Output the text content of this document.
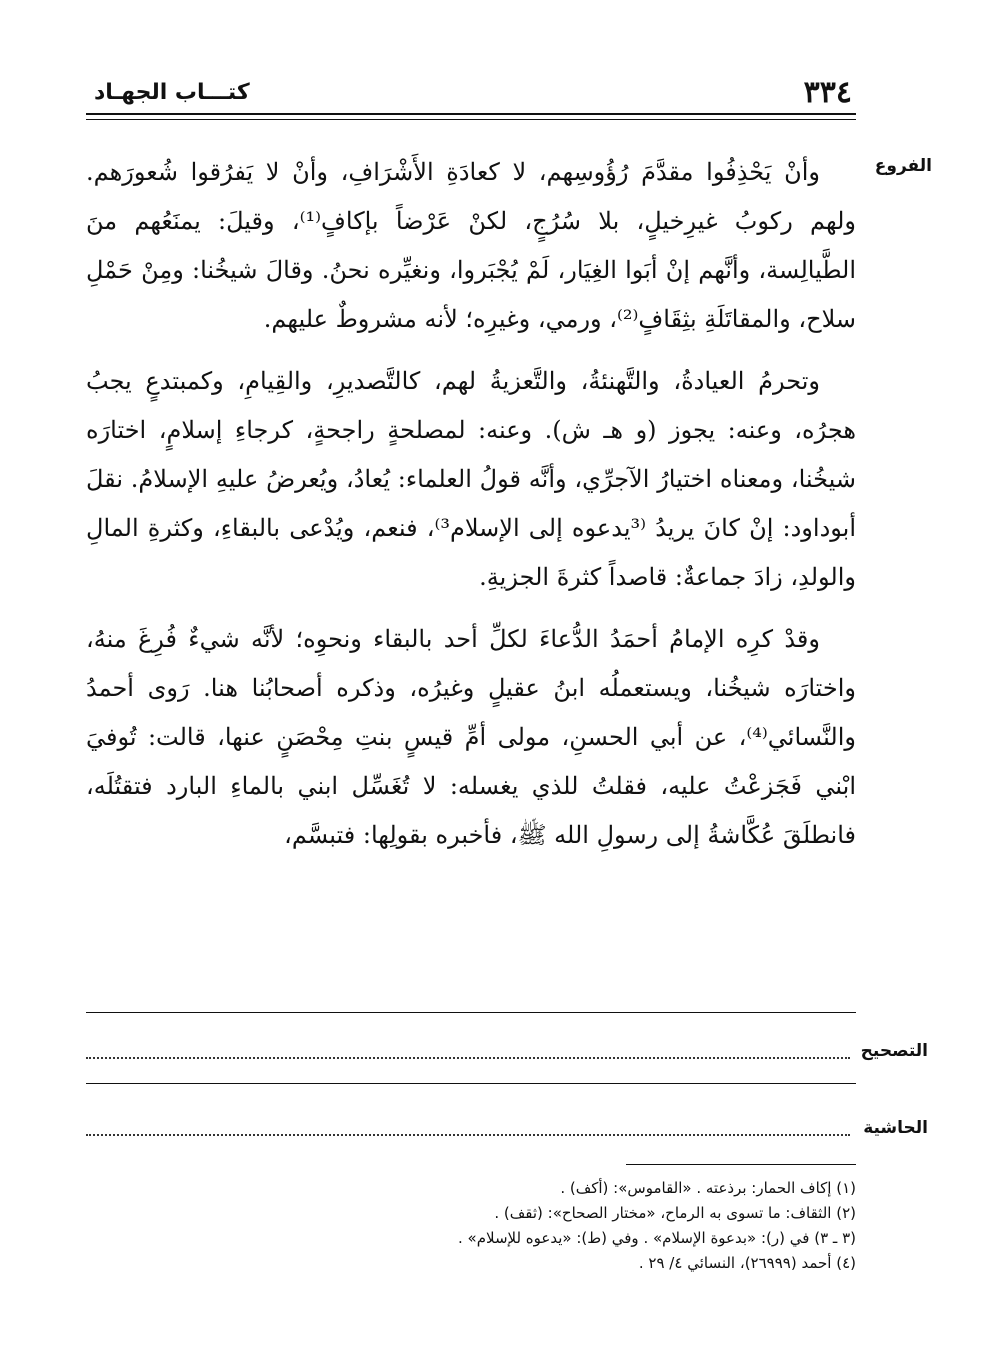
٣٣٤
كتـــاب الجهـاد
الفروع

وأنْ يَحْذِفُوا مقدَّمَ رُؤُوسِهم، لا كعادَةِ الأَشْرَافِ، وأنْ لا يَفرُقوا شُعورَهم. ولهم ركوبُ غيرِخيلٍ، بلا سُرُجٍ، لكنْ عَرْضاً بإكافٍ⁽¹⁾، وقيلَ: يمنَعُهم منَ الطَّيالِسة، وأنَّهم إنْ أبَوا الغِيَار، لَمْ يُجْبَروا، ونغيِّره نحنُ. وقالَ شيخُنا: ومِنْ حَمْلِ سلاح، والمقاتَلَةِ بثِقَافٍ⁽²⁾، ورمي، وغيرِه؛ لأنه مشروطٌ عليهم.

وتحرمُ العيادةُ، والتَّهنئةُ، والتَّعزيةُ لهم، كالتَّصديرِ، والقِيامِ، وكمبتدعٍ يجبُ هجرُه، وعنه: يجوز (و هـ ش). وعنه: لمصلحةٍ راجحةٍ، كرجاءِ إسلامٍ، اختارَه شيخُنا، ومعناه اختيارُ الآجرِّي، وأنَّه قولُ العلماء: يُعادُ، ويُعرضُ عليهِ الإسلامُ. نقلَ أبوداود: إنْ كانَ يريدُ ⁽³يدعوه إلى الإسلام³⁾، فنعم، ويُدْعى بالبقاءِ، وكثرةِ المالِ والولدِ، زادَ جماعةٌ: قاصداً كثرةَ الجزيةِ.

وقدْ كرِه الإمامُ أحمَدُ الدُّعاءَ لكلِّ أحد بالبقاء ونحوِه؛ لأنَّه شيءٌ فُرِغَ منهُ، واختارَه شيخُنا، ويستعملُه ابنُ عقيلٍ وغيرُه، وذكره أصحابُنا هنا. رَوى أحمدُ والنَّسائي⁽⁴⁾، عن أبي الحسنِ، مولى أمِّ قيسٍ بنتِ مِحْصَنٍ عنها، قالت: تُوفيَ ابْني فَجَزعْتُ عليه، فقلتُ للذي يغسله: لا تُغَسِّل ابني بالماءِ البارد فتقتُلَه، فانطلَقَ عُكَّاشةُ إلى رسولِ الله ﷺ، فأخبره بقولِها: فتبسَّم،

التصحيح
الحاشية

(١) إكاف الحمار: برذعته . «القاموس»: (أكف) .

(٢) الثقاف: ما تسوى به الرماح، «مختار الصحاح»: (ثقف) .

(٣ ـ ٣) في (ر): «بدعوة الإسلام» . وفي (ط): «يدعوه للإسلام» .

(٤) أحمد (٢٦٩٩٩)، النسائي ٤/ ٢٩ .
